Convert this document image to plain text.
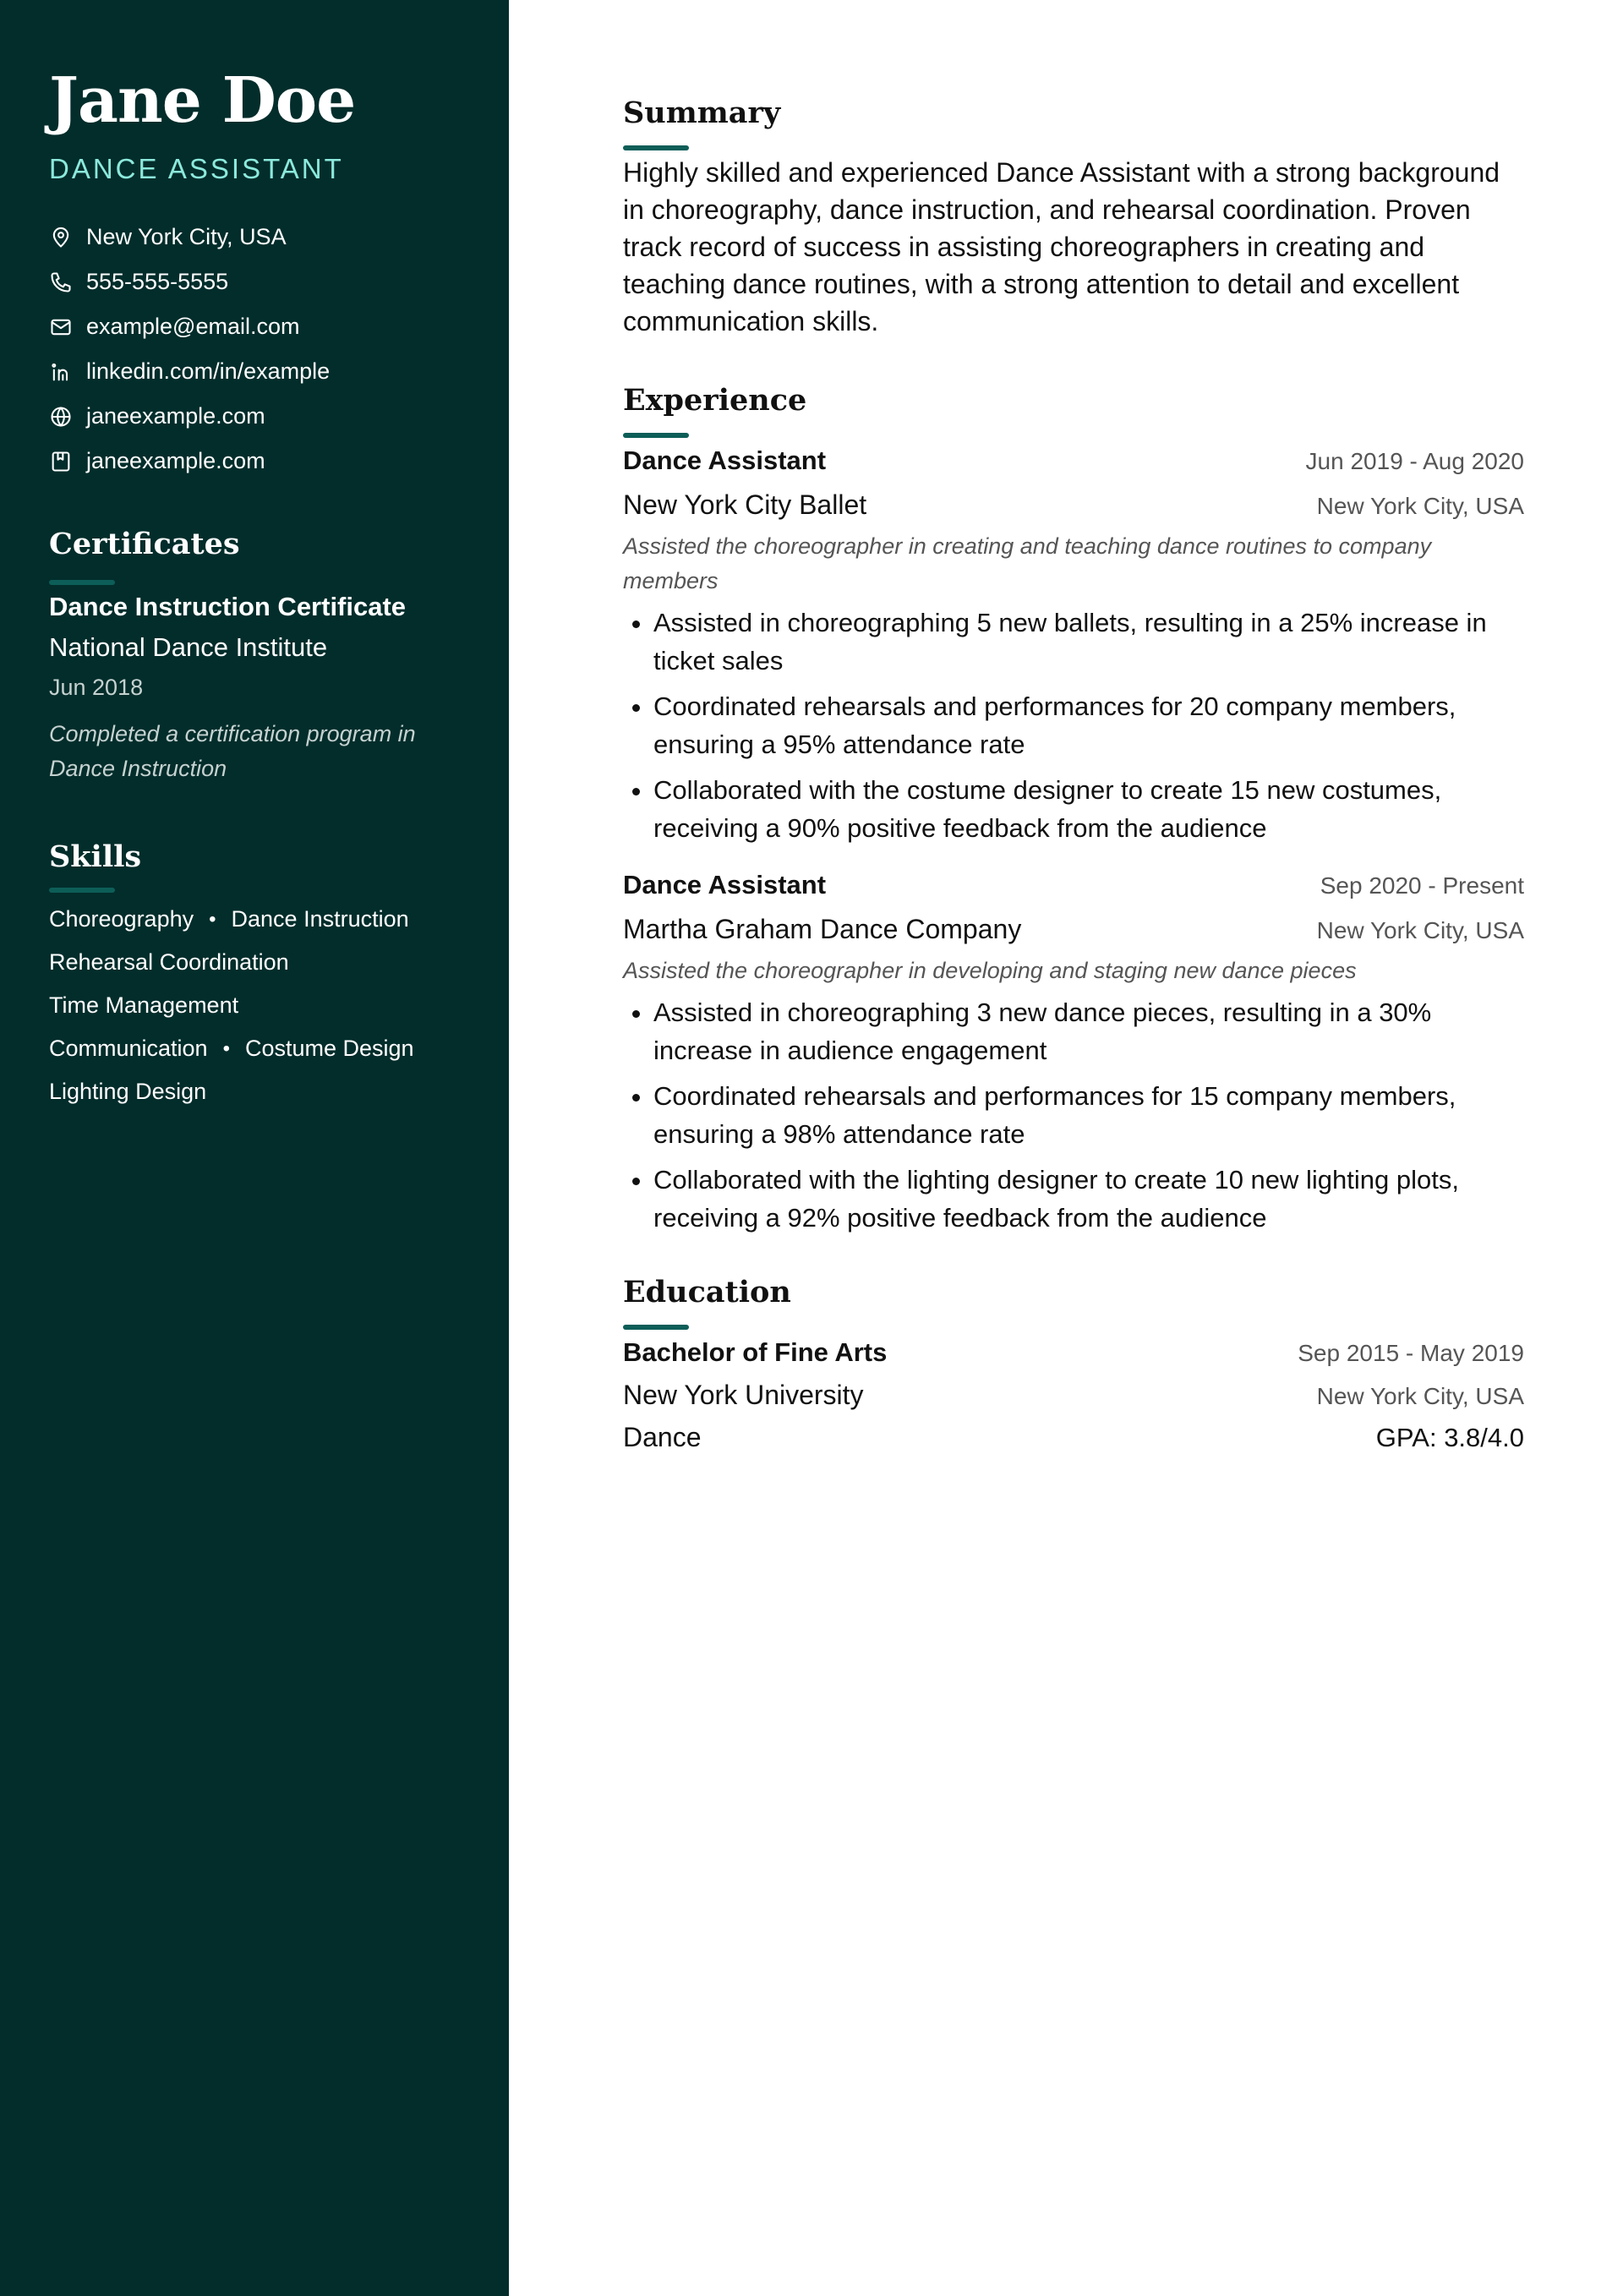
Jane Doe
DANCE ASSISTANT
New York City, USA
555-555-5555
example@email.com
linkedin.com/in/example
janeexample.com
janeexample.com
Certificates
Dance Instruction Certificate
National Dance Institute
Jun 2018
Completed a certification program in Dance Instruction
Skills
Choreography • Dance Instruction
Rehearsal Coordination
Time Management
Communication • Costume Design
Lighting Design
Summary

Highly skilled and experienced Dance Assistant with a strong background in choreography, dance instruction, and rehearsal coordination. Proven track record of success in assisting choreographers in creating and teaching dance routines, with a strong attention to detail and excellent communication skills.

Experience
Dance Assistant	Jun 2019 - Aug 2020
New York City Ballet	New York City, USA
Assisted the choreographer in creating and teaching dance routines to company members
• Assisted in choreographing 5 new ballets, resulting in a 25% increase in ticket sales
• Coordinated rehearsals and performances for 20 company members, ensuring a 95% attendance rate
• Collaborated with the costume designer to create 15 new costumes, receiving a 90% positive feedback from the audience
Dance Assistant	Sep 2020 - Present
Martha Graham Dance Company	New York City, USA
Assisted the choreographer in developing and staging new dance pieces
• Assisted in choreographing 3 new dance pieces, resulting in a 30% increase in audience engagement
• Coordinated rehearsals and performances for 15 company members, ensuring a 98% attendance rate
• Collaborated with the lighting designer to create 10 new lighting plots, receiving a 92% positive feedback from the audience
Education
Bachelor of Fine Arts	Sep 2015 - May 2019
New York University	New York City, USA
Dance	GPA: 3.8/4.0
